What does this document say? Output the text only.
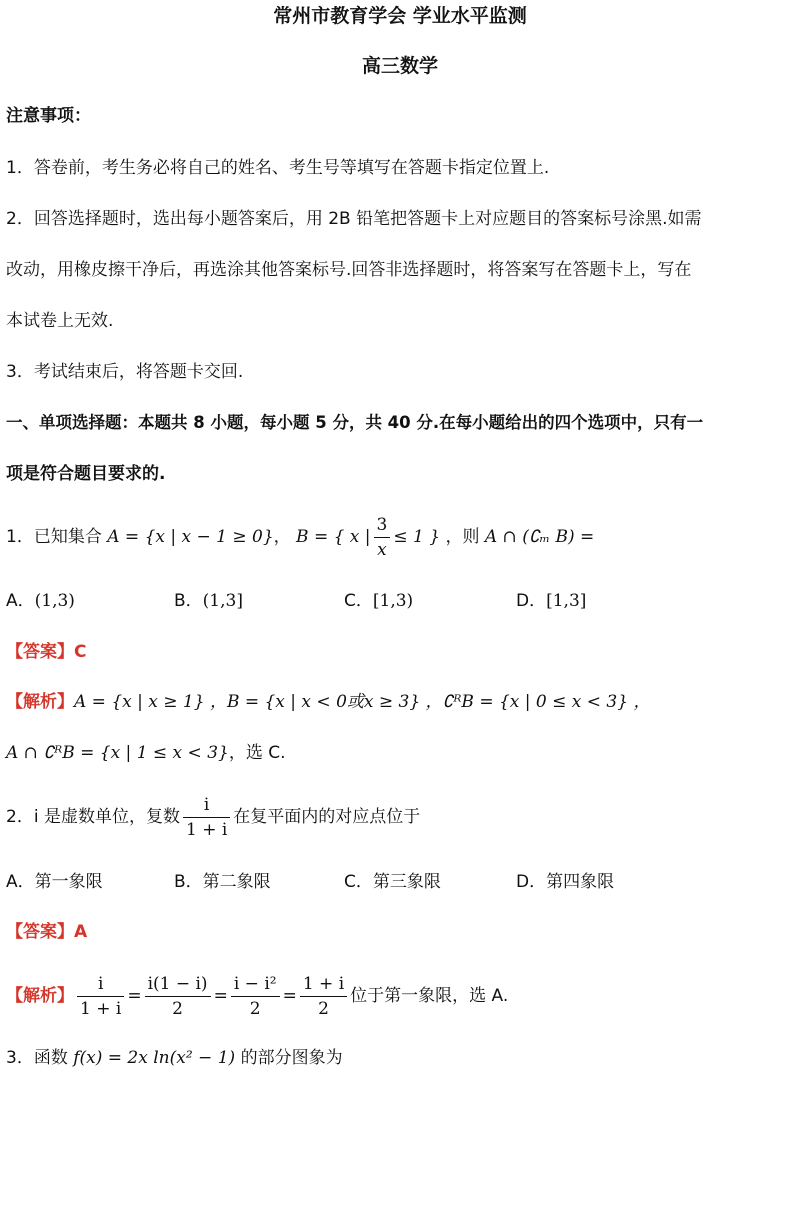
常州市教育学会 学业水平监测
高三数学
注意事项：
1．答卷前，考生务必将自己的姓名、考生号等填写在答题卡指定位置上.
2．回答选择题时，选出每小题答案后，用 2B 铅笔把答题卡上对应题目的答案标号涂黑.如需
改动，用橡皮擦干净后，再选涂其他答案标号.回答非选择题时，将答案写在答题卡上，写在
本试卷上无效.
3．考试结束后，将答题卡交回.
一、单项选择题：本题共 8 小题，每小题 5 分，共 40 分.在每小题给出的四个选项中，只有一
项是符合题目要求的.
1．已知集合 A = {x | x − 1 ≥ 0}， B = { x | $\frac{3}{x} \le 1$ } ，则 A ∩ (∁ₘ B) =
A．(1,3)	B．(1,3]	C．[1,3)	D．[1,3]
【答案】C
【解析】A = {x | x ≥ 1} ，B = {x | x < 0或x ≥ 3} ，∁ᴿB = {x | 0 ≤ x < 3} ，
A ∩ ∁ᴿB = {x | 1 ≤ x < 3}，选 C.
2．i 是虚数单位，复数 $\frac{i}{1 + i}$ 在复平面内的对应点位于
A．第一象限	B．第二象限	C．第三象限	D．第四象限
【答案】A
【解析】 $\frac{i}{1 + i} = \frac{i(1 - i)}{2} = \frac{\text{i − i²}}{2} = \frac{1 + i}{2}$ 位于第一象限，选 A.
3．函数 f(x) = 2x ln(x² − 1) 的部分图象为
